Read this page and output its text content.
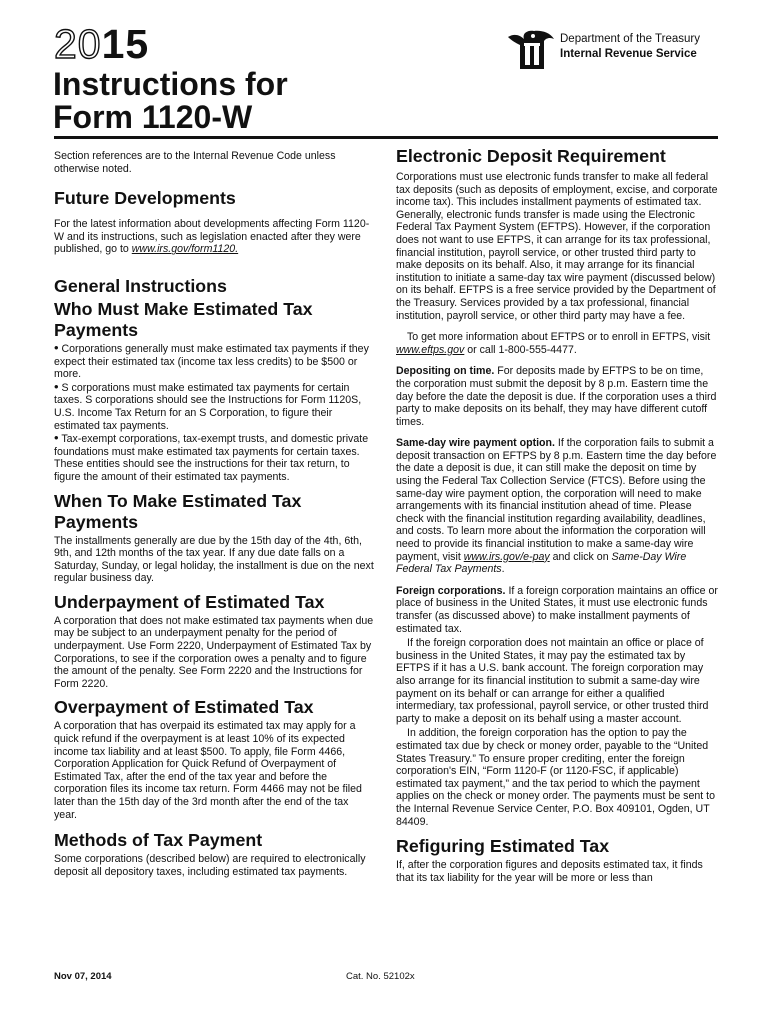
2015
Instructions for
Form 1120-W
Department of the Treasury
Internal Revenue Service

Section references are to the Internal Revenue Code unless otherwise noted.

Future Developments

For the latest information about developments affecting Form 1120-W and its instructions, such as legislation enacted after they were published, go to www.irs.gov/form1120.

General Instructions
Who Must Make Estimated Tax
Payments

• Corporations generally must make estimated tax payments if they expect their estimated tax (income tax less credits) to be $500 or more.

• S corporations must make estimated tax payments for certain taxes. S corporations should see the Instructions for Form 1120S, U.S. Income Tax Return for an S Corporation, to figure their estimated tax payments.

• Tax-exempt corporations, tax-exempt trusts, and domestic private foundations must make estimated tax payments for certain taxes. These entities should see the instructions for their tax return, to figure the amount of their estimated tax payments.

When To Make Estimated Tax
Payments

The installments generally are due by the 15th day of the 4th, 6th, 9th, and 12th months of the tax year. If any due date falls on a Saturday, Sunday, or legal holiday, the installment is due on the next regular business day.

Underpayment of Estimated Tax

A corporation that does not make estimated tax payments when due may be subject to an underpayment penalty for the period of underpayment. Use Form 2220, Underpayment of Estimated Tax by Corporations, to see if the corporation owes a penalty and to figure the amount of the penalty. See Form 2220 and the Instructions for Form 2220.

Overpayment of Estimated Tax

A corporation that has overpaid its estimated tax may apply for a quick refund if the overpayment is at least 10% of its expected income tax liability and at least $500. To apply, file Form 4466, Corporation Application for Quick Refund of Overpayment of Estimated Tax, after the end of the tax year and before the corporation files its income tax return. Form 4466 may not be filed later than the 15th day of the 3rd month after the end of the tax year.

Methods of Tax Payment

Some corporations (described below) are required to electronically deposit all depository taxes, including estimated tax payments.

Electronic Deposit Requirement

Corporations must use electronic funds transfer to make all federal tax deposits (such as deposits of employment, excise, and corporate income tax). This includes installment payments of estimated tax. Generally, electronic funds transfer is made using the Electronic Federal Tax Payment System (EFTPS). However, if the corporation does not want to use EFTPS, it can arrange for its tax professional, financial institution, payroll service, or other trusted third party to make deposits on its behalf. Also, it may arrange for its financial institution to initiate a same-day tax wire payment (discussed below) on its behalf. EFTPS is a free service provided by the Department of the Treasury. Services provided by a tax professional, financial institution, payroll service, or other third party may have a fee.

To get more information about EFTPS or to enroll in EFTPS, visit www.eftps.gov or call 1-800-555-4477.

Depositing on time. For deposits made by EFTPS to be on time, the corporation must submit the deposit by 8 p.m. Eastern time the day before the date the deposit is due. If the corporation uses a third party to make deposits on its behalf, they may have different cutoff times.

Same-day wire payment option. If the corporation fails to submit a deposit transaction on EFTPS by 8 p.m. Eastern time the day before the date a deposit is due, it can still make the deposit on time by using the Federal Tax Collection Service (FTCS). Before using the same-day wire payment option, the corporation will need to make arrangements with its financial institution ahead of time. Please check with the financial institution regarding availability, deadlines, and costs. To learn more about the information the corporation will need to provide its financial institution to make a same-day wire payment, visit www.irs.gov/e-pay and click on Same-Day Wire Federal Tax Payments.

Foreign corporations. If a foreign corporation maintains an office or place of business in the United States, it must use electronic funds transfer (as discussed above) to make installment payments of estimated tax.

If the foreign corporation does not maintain an office or place of business in the United States, it may pay the estimated tax by EFTPS if it has a U.S. bank account. The foreign corporation may also arrange for its financial institution to submit a same-day wire payment on its behalf or can arrange for either a qualified intermediary, tax professional, payroll service, or other trusted third party to make a deposit on its behalf using a master account.

In addition, the foreign corporation has the option to pay the estimated tax due by check or money order, payable to the “United States Treasury.” To ensure proper crediting, enter the foreign corporation's EIN, “Form 1120-F (or 1120-FSC, if applicable) estimated tax payment,” and the tax period to which the payment applies on the check or money order. The payments must be sent to the Internal Revenue Service Center, P.O. Box 409101, Ogden, UT 84409.

Refiguring Estimated Tax

If, after the corporation figures and deposits estimated tax, it finds that its tax liability for the year will be more or less than

Nov 07, 2014	Cat. No. 52102x
